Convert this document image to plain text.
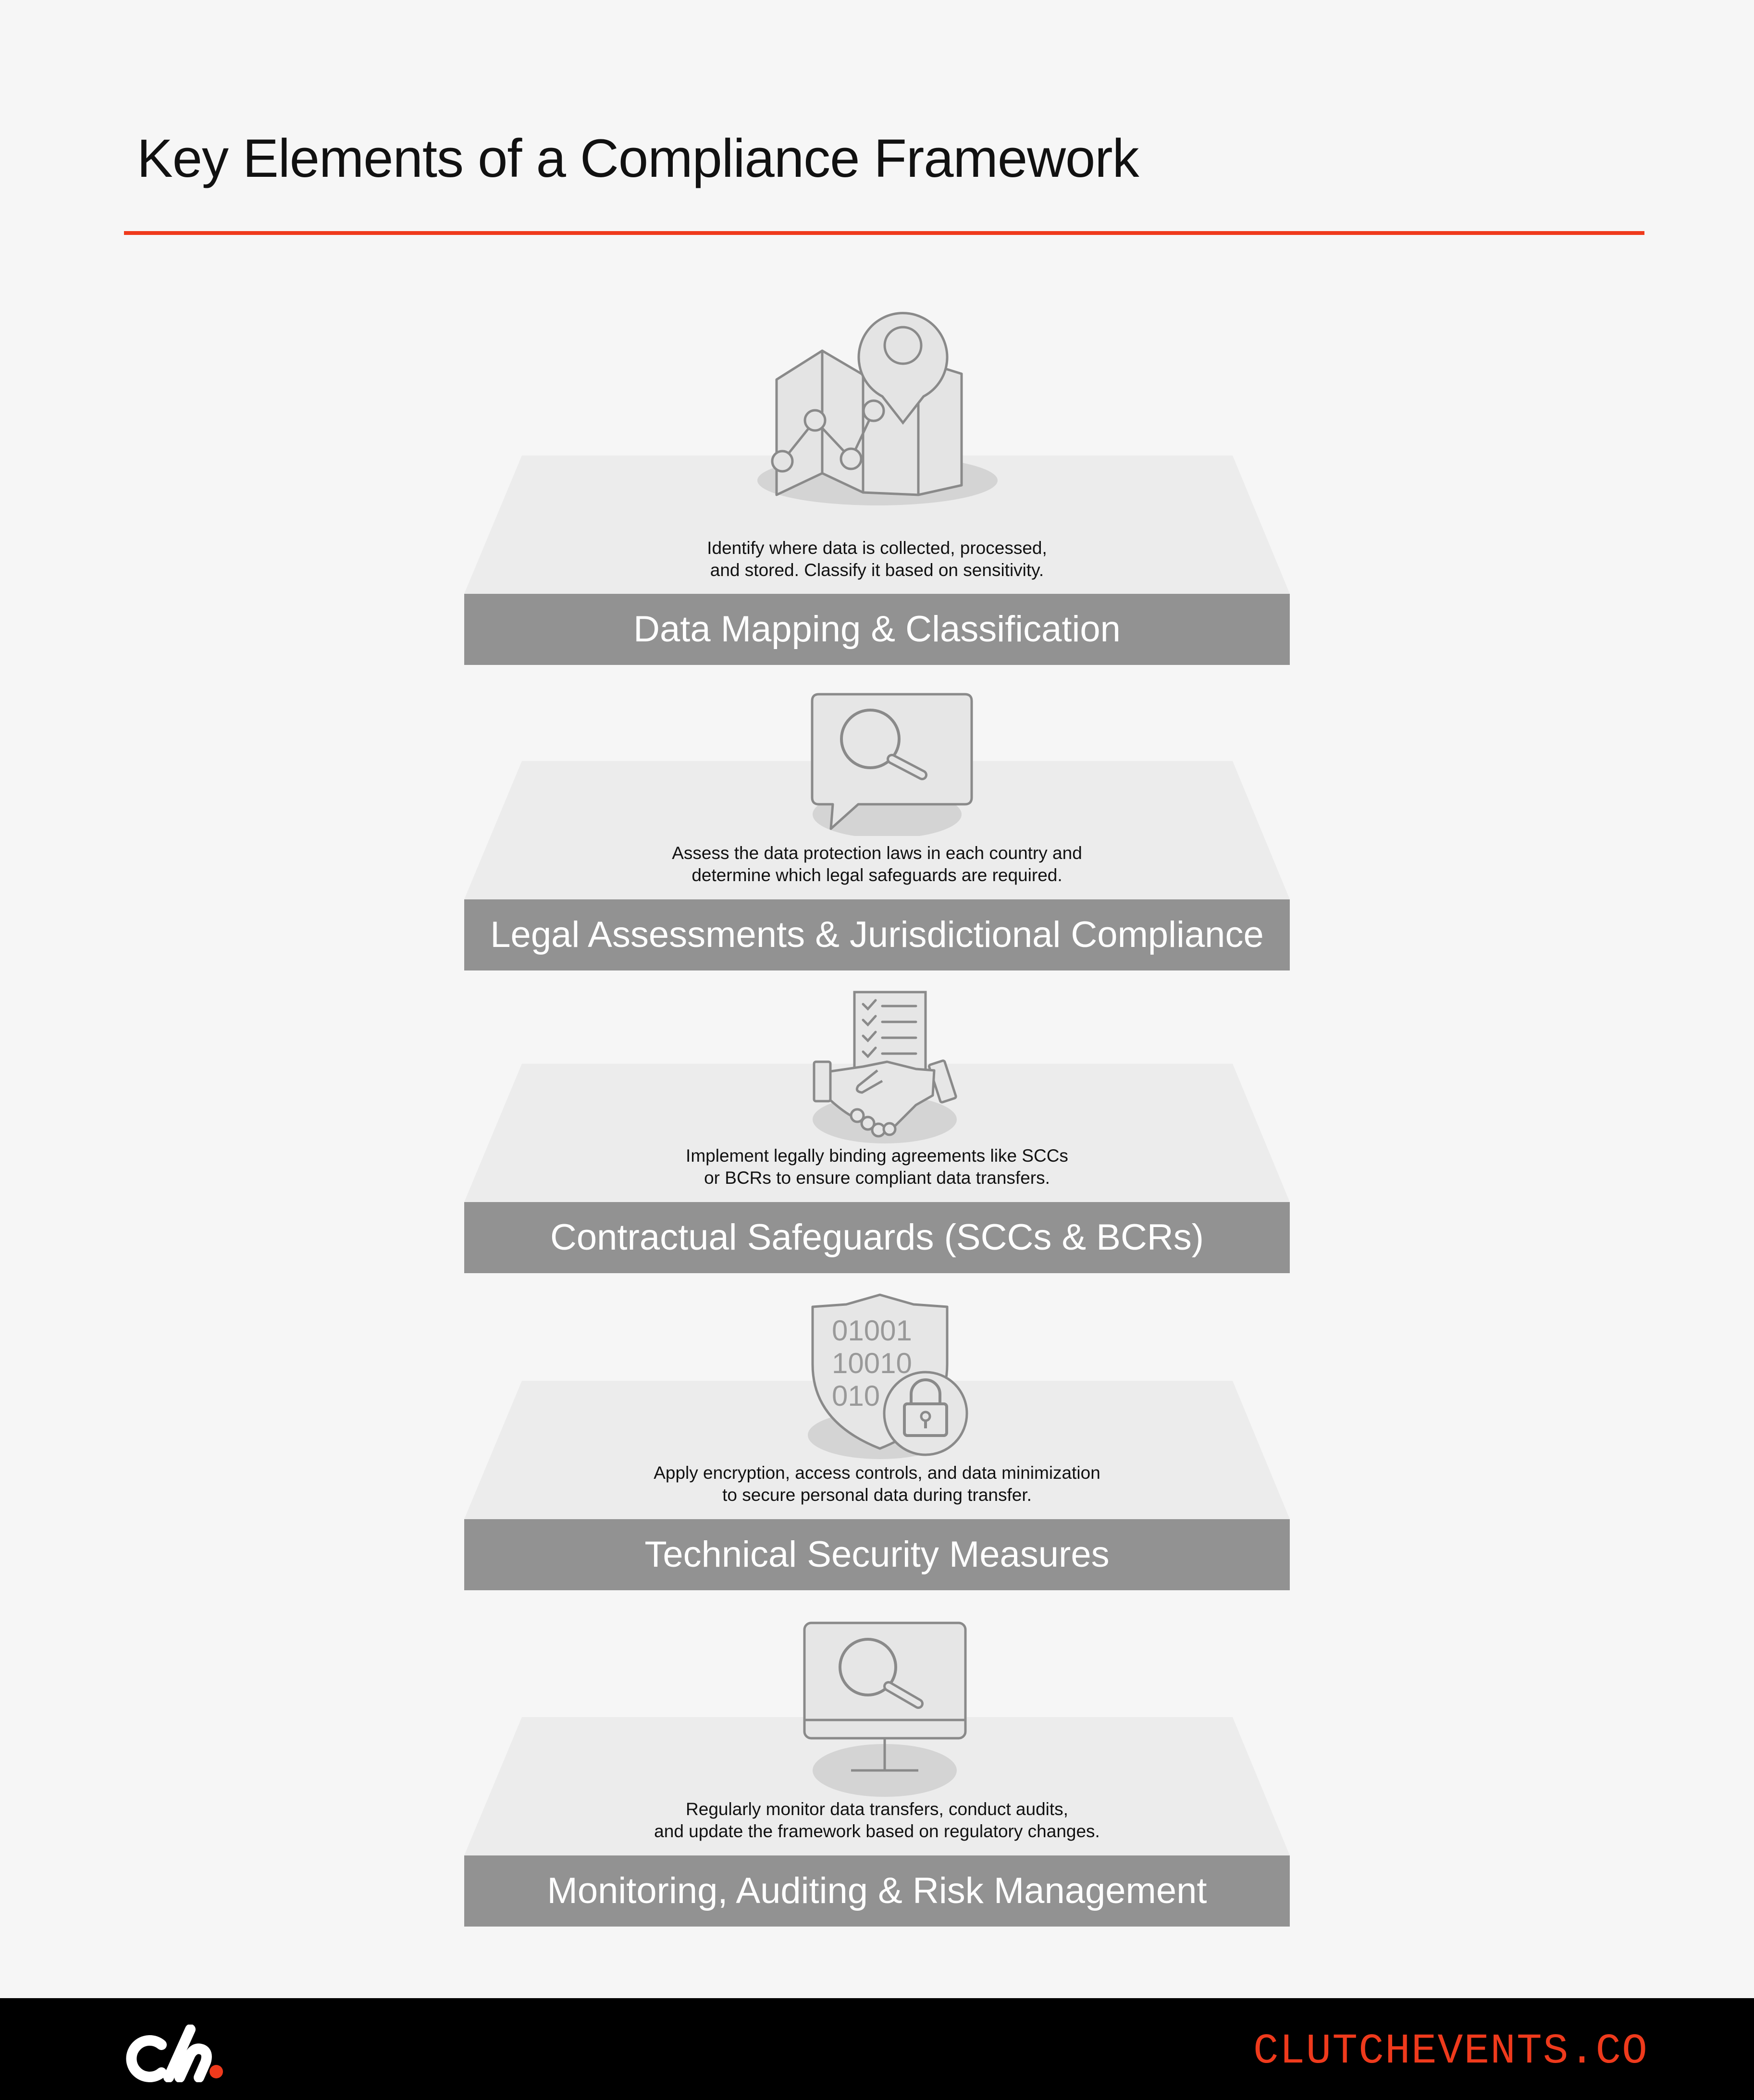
Key Elements of a Compliance Framework
Identify where data is collected, processed,
and stored. Classify it based on sensitivity.
Data Mapping & Classification
Assess the data protection laws in each country and
determine which legal safeguards are required.
Legal Assessments & Jurisdictional Compliance
Implement legally binding agreements like SCCs
or BCRs to ensure compliant data transfers.
Contractual Safeguards (SCCs & BCRs)
01001
10010
010
Apply encryption, access controls, and data minimization
to secure personal data during transfer.
Technical Security Measures
Regularly monitor data transfers, conduct audits,
and update the framework based on regulatory changes.
Monitoring, Auditing & Risk Management
CLUTCHEVENTS.CO
